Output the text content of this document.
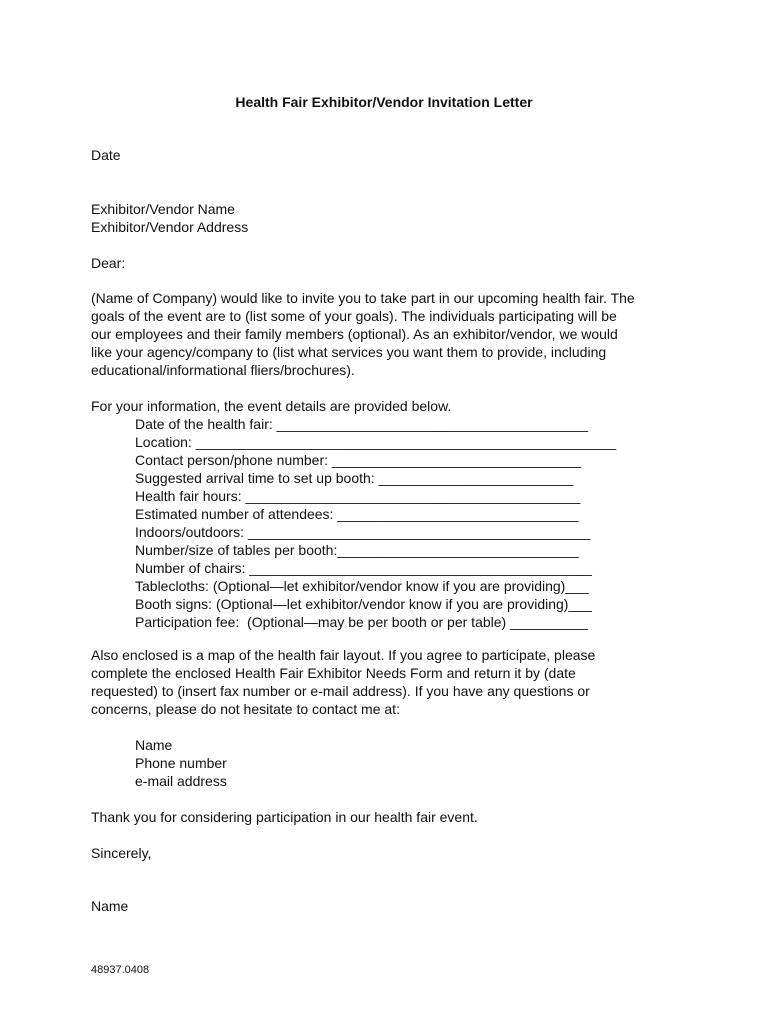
Health Fair Exhibitor/Vendor Invitation Letter
Date
Exhibitor/Vendor Name
Exhibitor/Vendor Address
Dear:
(Name of Company) would like to invite you to take part in our upcoming health fair. The
goals of the event are to (list some of your goals). The individuals participating will be
our employees and their family members (optional). As an exhibitor/vendor, we would
like your agency/company to (list what services you want them to provide, including
educational/informational fliers/brochures).
For your information, the event details are provided below.
Date of the health fair: ________________________________________
Location: ______________________________________________________
Contact person/phone number: ________________________________
Suggested arrival time to set up booth: _________________________
Health fair hours: ___________________________________________
Estimated number of attendees: _______________________________
Indoors/outdoors: ____________________________________________
Number/size of tables per booth:_______________________________
Number of chairs: ____________________________________________
Tablecloths: (Optional—let exhibitor/vendor know if you are providing)___
Booth signs: (Optional—let exhibitor/vendor know if you are providing)___
Participation fee:  (Optional—may be per booth or per table) __________
Also enclosed is a map of the health fair layout. If you agree to participate, please
complete the enclosed Health Fair Exhibitor Needs Form and return it by (date
requested) to (insert fax number or e-mail address). If you have any questions or
concerns, please do not hesitate to contact me at:
Name
Phone number
e-mail address
Thank you for considering participation in our health fair event.
Sincerely,
Name
48937.0408
